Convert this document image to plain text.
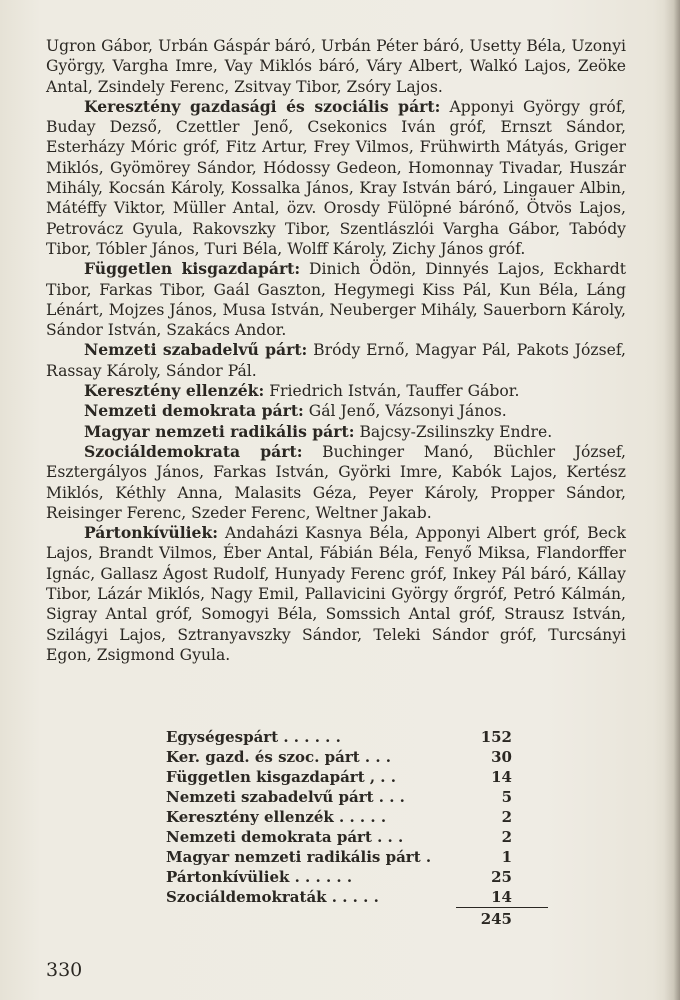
Ugron Gábor, Urbán Gáspár báró, Urbán Péter báró, Usetty Béla, Uzonyi György, Vargha Imre, Vay Miklós báró, Váry Albert, Walkó Lajos, Zeöke Antal, Zsindely Ferenc, Zsitvay Tibor, Zsóry Lajos.

Keresztény gazdasági és szociális párt: Apponyi György gróf, Buday Dezső, Czettler Jenő, Csekonics Iván gróf, Ernszt Sándor, Esterházy Móric gróf, Fitz Artur, Frey Vilmos, Frühwirth Mátyás, Griger Miklós, Gyömörey Sándor, Hódossy Gedeon, Homonnay Tivadar, Huszár Mihály, Kocsán Károly, Kossalka János, Kray István báró, Lingauer Albin, Mátéffy Viktor, Müller Antal, özv. Orosdy Fülöpné bárónő, Ötvös Lajos, Petrovácz Gyula, Rakovszky Tibor, Szentlászlói Vargha Gábor, Tabódy Tibor, Tóbler János, Turi Béla, Wolff Károly, Zichy János gróf.

Független kisgazdapárt: Dinich Ödön, Dinnyés Lajos, Eckhardt Tibor, Farkas Tibor, Gaál Gaszton, Hegymegi Kiss Pál, Kun Béla, Láng Lénárt, Mojzes János, Musa István, Neuberger Mihály, Sauerborn Károly, Sándor István, Szakács Andor.

Nemzeti szabadelvű párt: Bródy Ernő, Magyar Pál, Pakots József, Rassay Károly, Sándor Pál.

Keresztény ellenzék: Friedrich István, Tauffer Gábor.

Nemzeti demokrata párt: Gál Jenő, Vázsonyi János.

Magyar nemzeti radikális párt: Bajcsy-Zsilinszky Endre.

Szociáldemokrata párt: Buchinger Manó, Büchler József, Esztergályos János, Farkas István, Györki Imre, Kabók Lajos, Kertész Miklós, Kéthly Anna, Malasits Géza, Peyer Károly, Propper Sándor, Reisinger Ferenc, Szeder Ferenc, Weltner Jakab.

Pártonkívüliek: Andaházi Kasnya Béla, Apponyi Albert gróf, Beck Lajos, Brandt Vilmos, Éber Antal, Fábián Béla, Fenyő Miksa, Flandorffer Ignác, Gallasz Ágost Rudolf, Hunyady Ferenc gróf, Inkey Pál báró, Kállay Tibor, Lázár Miklós, Nagy Emil, Pallavicini György őrgróf, Petró Kálmán, Sigray Antal gróf, Somogyi Béla, Somssich Antal gróf, Strausz István, Szilágyi Lajos, Sztranyavszky Sándor, Teleki Sándor gróf, Turcsányi Egon, Zsigmond Gyula.

Egységespárt . . . . . .	152
Ker. gazd. és szoc. párt . . .	30
Független kisgazdapárt , . .	14
Nemzeti szabadelvű párt . . .	5
Keresztény ellenzék . . . . .	2
Nemzeti demokrata párt . . .	2
Magyar nemzeti radikális párt .	1
Pártonkívüliek . . . . . .	25
Szociáldemokraták . . . . .	14
245
330
